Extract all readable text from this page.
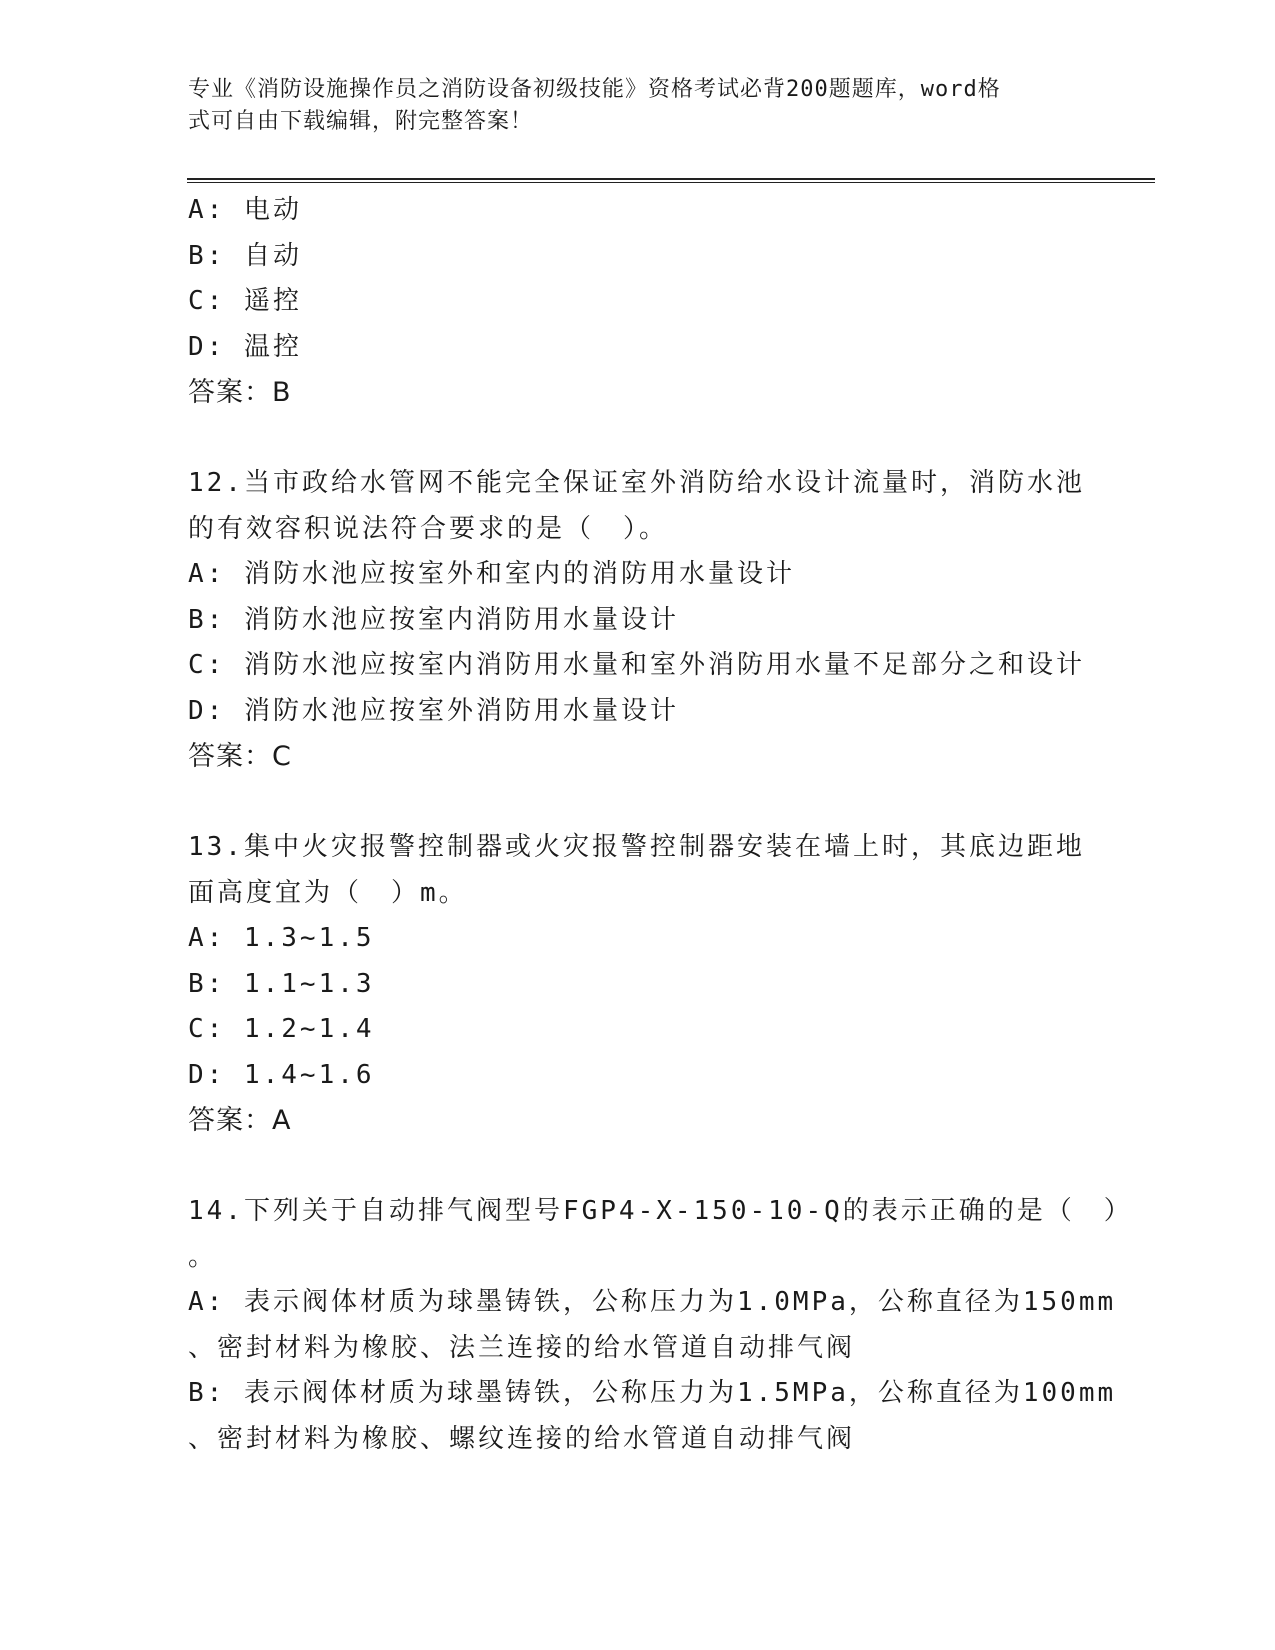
专业《消防设施操作员之消防设备初级技能》资格考试必背200题题库，word格
式可自由下载编辑，附完整答案！
A: 电动
B: 自动
C: 遥控
D: 温控
答案：B
12.当市政给水管网不能完全保证室外消防给水设计流量时，消防水池
的有效容积说法符合要求的是（　）。
A: 消防水池应按室外和室内的消防用水量设计
B: 消防水池应按室内消防用水量设计
C: 消防水池应按室内消防用水量和室外消防用水量不足部分之和设计
D: 消防水池应按室外消防用水量设计
答案：C
13.集中火灾报警控制器或火灾报警控制器安装在墙上时，其底边距地
面高度宜为（　）m。
A: 1.3~1.5
B: 1.1~1.3
C: 1.2~1.4
D: 1.4~1.6
答案：A
14.下列关于自动排气阀型号FGP4-X-150-10-Q的表示正确的是（　）
。
A: 表示阀体材质为球墨铸铁，公称压力为1.0MPa，公称直径为150mm
、密封材料为橡胶、法兰连接的给水管道自动排气阀
B: 表示阀体材质为球墨铸铁，公称压力为1.5MPa，公称直径为100mm
、密封材料为橡胶、螺纹连接的给水管道自动排气阀
